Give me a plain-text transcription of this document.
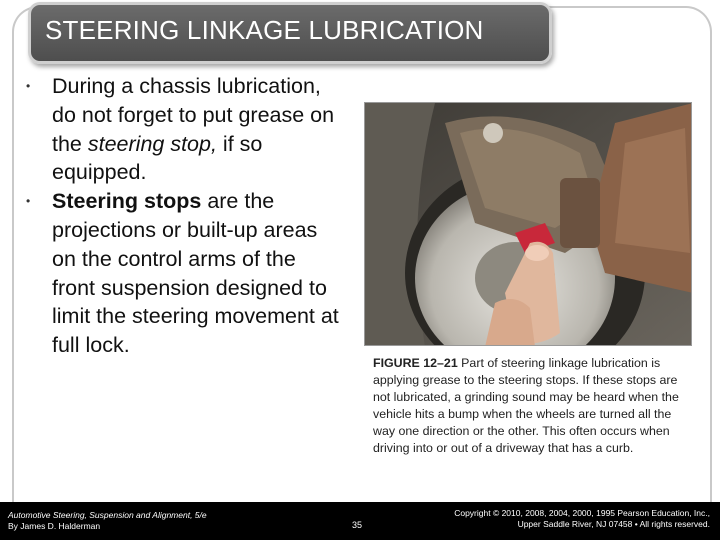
STEERING LINKAGE LUBRICATION
• During a chassis lubrication, do not forget to put grease on the steering stop, if so equipped.
• Steering stops are the projections or built-up areas on the control arms of the front suspension designed to limit the steering movement at full lock.
FIGURE 12–21 Part of steering linkage lubrication is applying grease to the steering stops. If these stops are not lubricated, a grinding sound may be heard when the vehicle hits a bump when the wheels are turned all the way one direction or the other. This often occurs when driving into or out of a driveway that has a curb.
Automotive Steering, Suspension and Alignment, 5/e
By James D. Halderman	35
Copyright © 2010, 2008, 2004, 2000, 1995 Pearson Education, Inc.,
Upper Saddle River, NJ 07458 • All rights reserved.
